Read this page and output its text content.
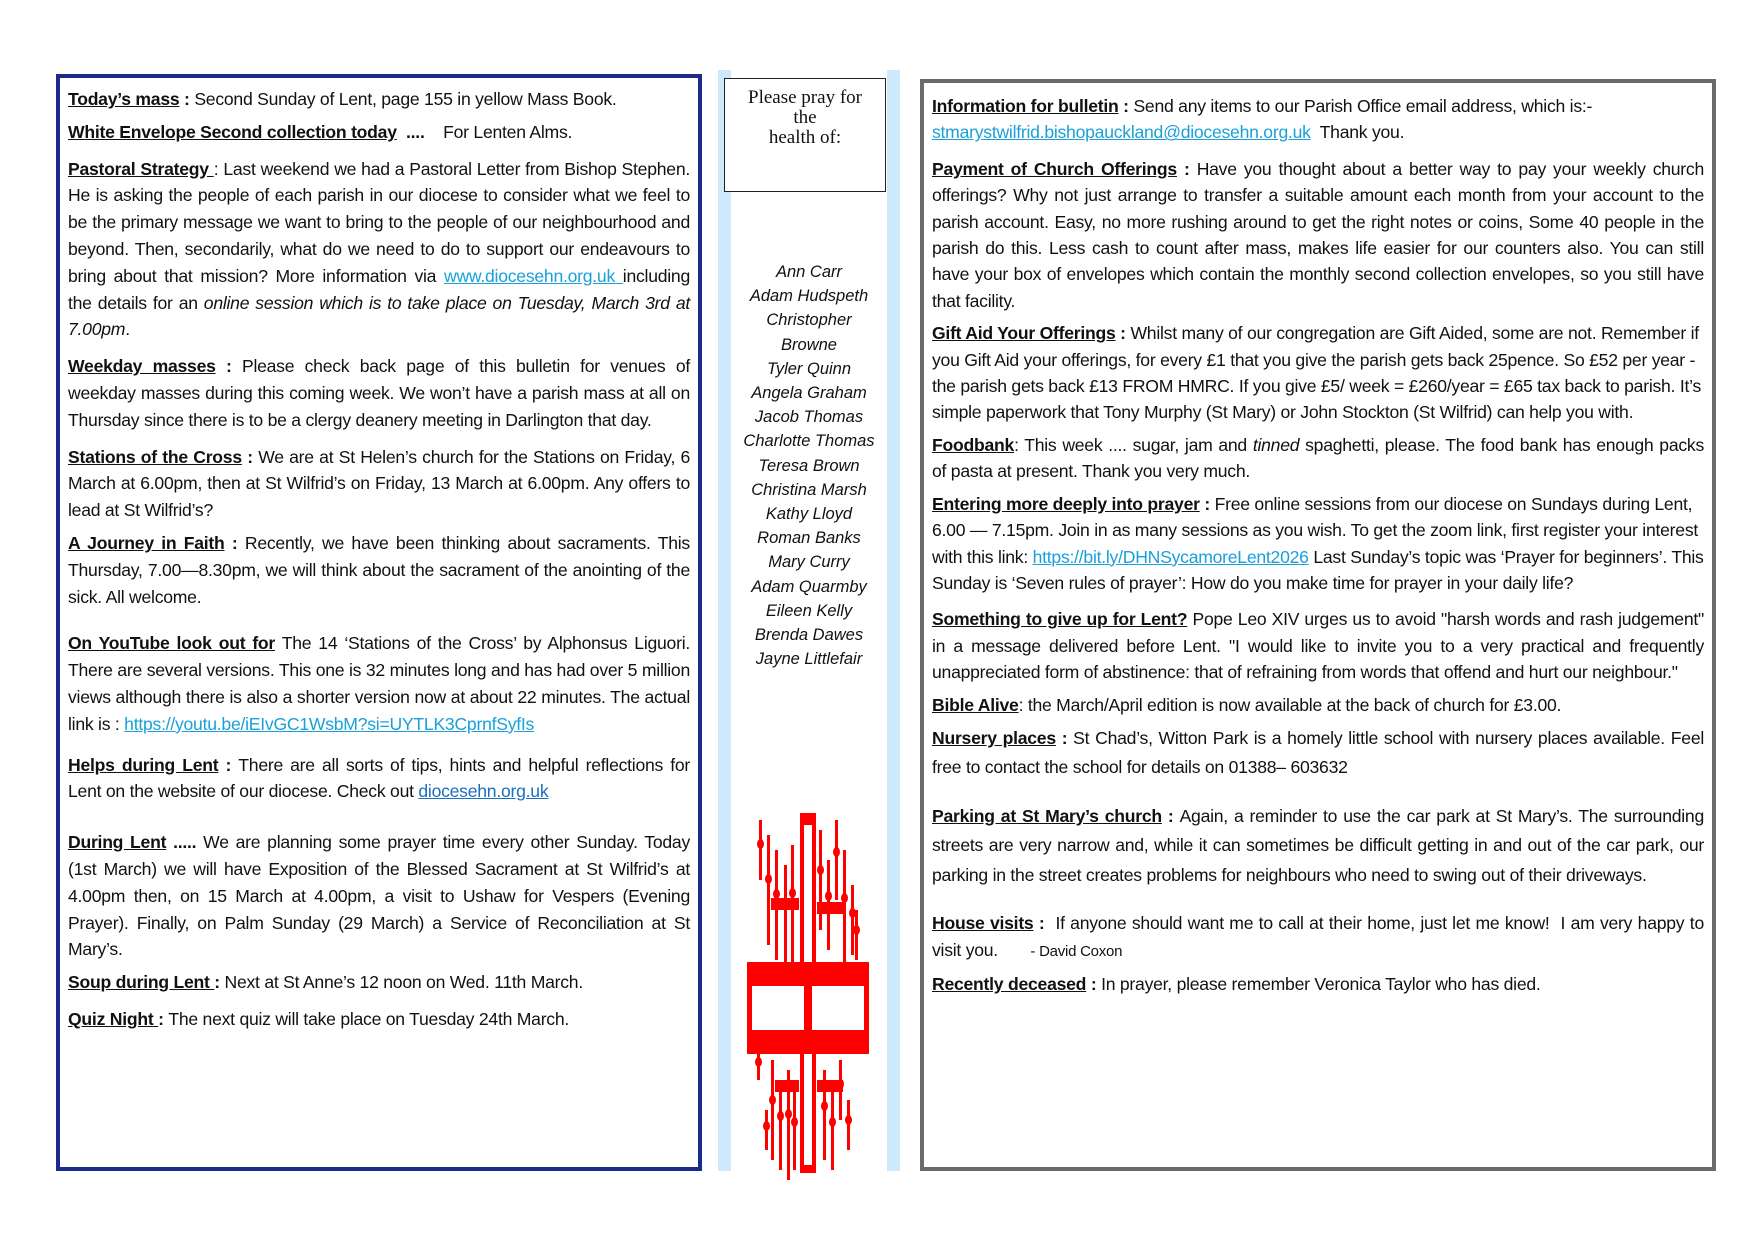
Today’s mass : Second Sunday of Lent, page 155 in yellow Mass Book.

White Envelope Second collection today  ....    For Lenten Alms.

Pastoral Strategy : Last weekend we had a Pastoral Letter from Bishop Stephen. He is asking the people of each parish in our diocese to consider what we feel to be the primary message we want to bring to the people of our neighbourhood and beyond. Then, secondarily, what do we need to do to support our endeavours to bring about that mission? More information via www.diocesehn.org.uk including the details for an online session which is to take place on Tuesday, March 3rd at 7.00pm.

Weekday masses : Please check back page of this bulletin for venues of weekday masses during this coming week. We won’t have a parish mass at all on Thursday since there is to be a clergy deanery meeting in Darlington that day.

Stations of the Cross : We are at St Helen’s church for the Stations on Friday, 6 March at 6.00pm, then at St Wilfrid’s on Friday, 13 March at 6.00pm. Any offers to lead at St Wilfrid’s?

A Journey in Faith : Recently, we have been thinking about sacraments. This Thursday, 7.00—8.30pm, we will think about the sacrament of the anointing of the sick. All welcome.

On YouTube look out for The 14 ‘Stations of the Cross’ by Alphonsus Liguori. There are several versions. This one is 32 minutes long and has had over 5 million views although there is also a shorter version now at about 22 minutes. The actual link is : https://youtu.be/iEIvGC1WsbM?si=UYTLK3CprnfSyfIs

Helps during Lent : There are all sorts of tips, hints and helpful reflections for Lent on the website of our diocese. Check out diocesehn.org.uk

During Lent ..... We are planning some prayer time every other Sunday. Today (1st March) we will have Exposition of the Blessed Sacrament at St Wilfrid’s at 4.00pm then, on 15 March at 4.00pm, a visit to Ushaw for Vespers (Evening Prayer). Finally, on Palm Sunday (29 March) a Service of Reconciliation at St Mary’s.

Soup during Lent : Next at St Anne’s 12 noon on Wed. 11th March.

Quiz Night : The next quiz will take place on Tuesday 24th March.

Please pray for
the
health of:
Ann Carr
Adam Hudspeth
Christopher
Browne
Tyler Quinn
Angela Graham
Jacob Thomas
Charlotte Thomas
Teresa Brown
Christina Marsh
Kathy Lloyd
Roman Banks
Mary Curry
Adam Quarmby
Eileen Kelly
Brenda Dawes
Jayne Littlefair

Information for bulletin : Send any items to our Parish Office email address, which is:-
stmarystwilfrid.bishopauckland@diocesehn.org.uk  Thank you.

Payment of Church Offerings : Have you thought about a better way to pay your weekly church offerings? Why not just arrange to transfer a suitable amount each month from your account to the parish account. Easy, no more rushing around to get the right notes or coins, Some 40 people in the parish do this. Less cash to count after mass, makes life easier for our counters also. You can still have your box of envelopes which contain the monthly second collection envelopes, so you still have that facility.

Gift Aid Your Offerings : Whilst many of our congregation are Gift Aided, some are not. Remember if you Gift Aid your offerings, for every £1 that you give the parish gets back 25pence. So £52 per year - the parish gets back £13 FROM HMRC. If you give £5/ week = £260/year = £65 tax back to parish. It’s simple paperwork that Tony Murphy (St Mary) or John Stockton (St Wilfrid) can help you with.

Foodbank: This week .... sugar, jam and tinned spaghetti, please. The food bank has enough packs of pasta at present. Thank you very much.

Entering more deeply into prayer : Free online sessions from our diocese on Sundays during Lent, 6.00 — 7.15pm. Join in as many sessions as you wish. To get the zoom link, first register your interest with this link: https://bit.ly/DHNSycamoreLent2026 Last Sunday’s topic was ‘Prayer for beginners’. This Sunday is ‘Seven rules of prayer’: How do you make time for prayer in your daily life?

Something to give up for Lent? Pope Leo XIV urges us to avoid "harsh words and rash judgement" in a message delivered before Lent. "I would like to invite you to a very practical and frequently unappreciated form of abstinence: that of refraining from words that offend and hurt our neighbour."

Bible Alive: the March/April edition is now available at the back of church for £3.00.

Nursery places : St Chad’s, Witton Park is a homely little school with nursery places available. Feel free to contact the school for details on 01388– 603632

Parking at St Mary’s church : Again, a reminder to use the car park at St Mary’s. The surrounding streets are very narrow and, while it can sometimes be difficult getting in and out of the car park, our parking in the street creates problems for neighbours who need to swing out of their driveways.

House visits :  If anyone should want me to call at their home, just let me know!  I am very happy to visit you.       - David Coxon

Recently deceased : In prayer, please remember Veronica Taylor who has died.
